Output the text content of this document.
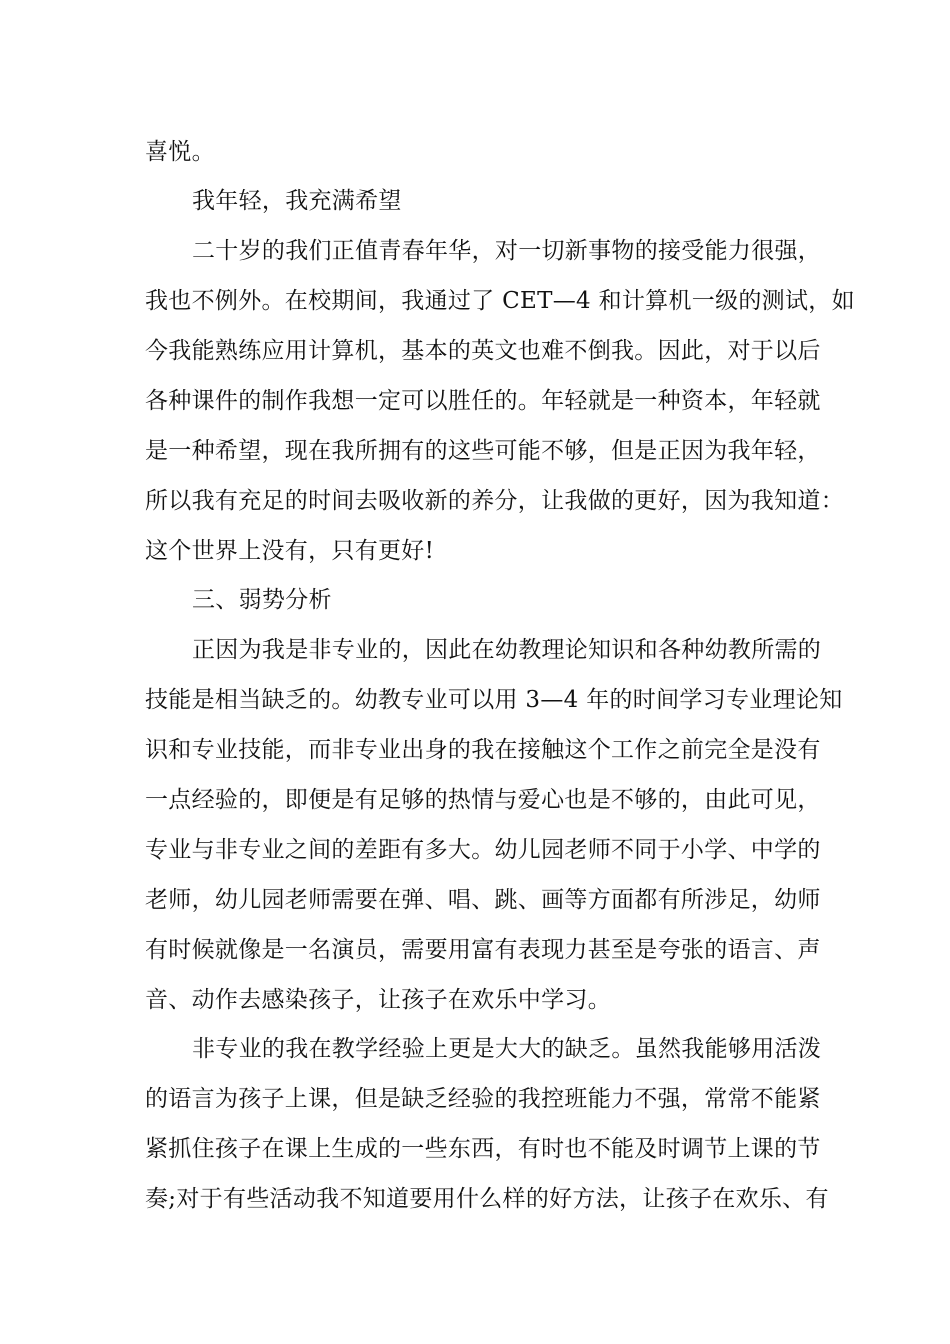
喜悦。
我年轻，我充满希望
二十岁的我们正值青春年华，对一切新事物的接受能力很强，
我也不例外。在校期间，我通过了 CET—4 和计算机一级的测试，如
今我能熟练应用计算机，基本的英文也难不倒我。因此，对于以后
各种课件的制作我想一定可以胜任的。年轻就是一种资本，年轻就
是一种希望，现在我所拥有的这些可能不够，但是正因为我年轻，
所以我有充足的时间去吸收新的养分，让我做的更好，因为我知道：
这个世界上没有，只有更好!
三、弱势分析
正因为我是非专业的，因此在幼教理论知识和各种幼教所需的
技能是相当缺乏的。幼教专业可以用 3—4 年的时间学习专业理论知
识和专业技能，而非专业出身的我在接触这个工作之前完全是没有
一点经验的，即便是有足够的热情与爱心也是不够的，由此可见，
专业与非专业之间的差距有多大。幼儿园老师不同于小学、中学的
老师，幼儿园老师需要在弹、唱、跳、画等方面都有所涉足，幼师
有时候就像是一名演员，需要用富有表现力甚至是夸张的语言、声
音、动作去感染孩子，让孩子在欢乐中学习。
非专业的我在教学经验上更是大大的缺乏。虽然我能够用活泼
的语言为孩子上课，但是缺乏经验的我控班能力不强，常常不能紧
紧抓住孩子在课上生成的一些东西，有时也不能及时调节上课的节
奏;对于有些活动我不知道要用什么样的好方法，让孩子在欢乐、有
